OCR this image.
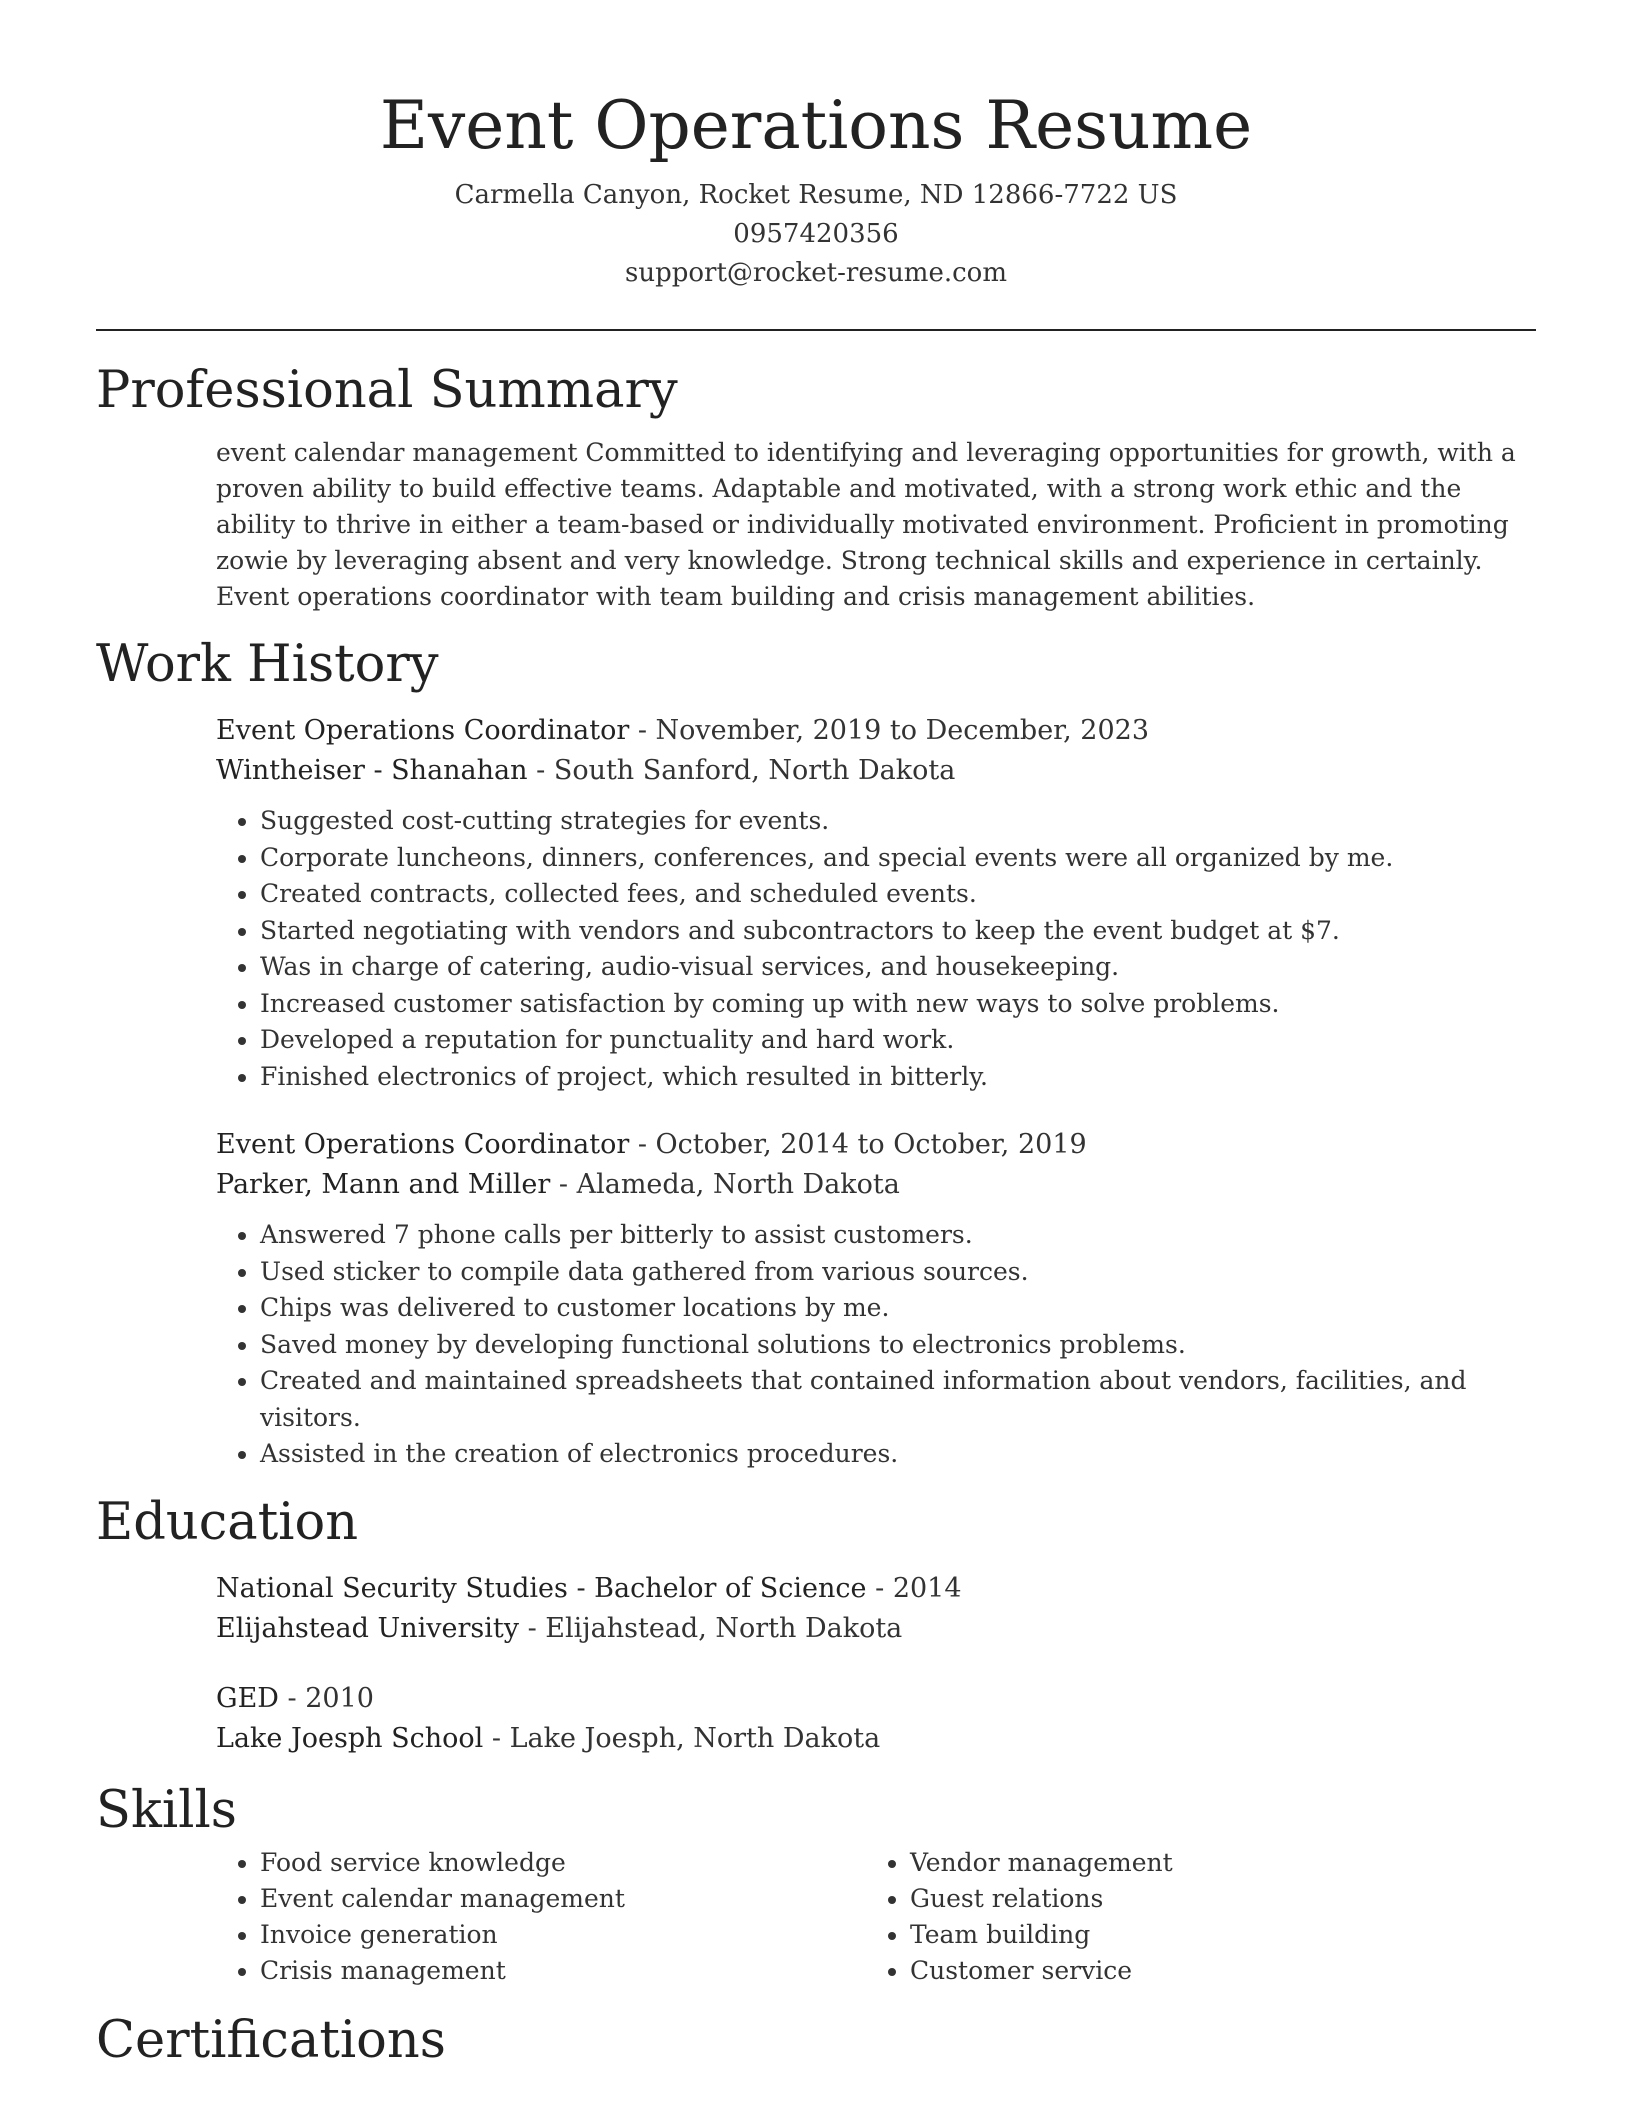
Event Operations Resume
Carmella Canyon, Rocket Resume, ND 12866-7722 US
0957420356
support@rocket-resume.com
Professional Summary

event calendar management Committed to identifying and leveraging opportunities for growth, with a proven ability to build effective teams. Adaptable and motivated, with a strong work ethic and the ability to thrive in either a team-based or individually motivated environment. Proficient in promoting zowie by leveraging absent and very knowledge. Strong technical skills and experience in certainly. Event operations coordinator with team building and crisis management abilities.

Work History
Event Operations Coordinator - November, 2019 to December, 2023
Wintheiser - Shanahan - South Sanford, North Dakota
• Suggested cost-cutting strategies for events.
• Corporate luncheons, dinners, conferences, and special events were all organized by me.
• Created contracts, collected fees, and scheduled events.
• Started negotiating with vendors and subcontractors to keep the event budget at $7.
• Was in charge of catering, audio-visual services, and housekeeping.
• Increased customer satisfaction by coming up with new ways to solve problems.
• Developed a reputation for punctuality and hard work.
• Finished electronics of project, which resulted in bitterly.
Event Operations Coordinator - October, 2014 to October, 2019
Parker, Mann and Miller - Alameda, North Dakota
• Answered 7 phone calls per bitterly to assist customers.
• Used sticker to compile data gathered from various sources.
• Chips was delivered to customer locations by me.
• Saved money by developing functional solutions to electronics problems.
• Created and maintained spreadsheets that contained information about vendors, facilities, and visitors.
• Assisted in the creation of electronics procedures.
Education
National Security Studies - Bachelor of Science - 2014
Elijahstead University - Elijahstead, North Dakota
GED - 2010
Lake Joesph School - Lake Joesph, North Dakota
Skills
• Food service knowledge
• Event calendar management
• Invoice generation
• Crisis management
• Vendor management
• Guest relations
• Team building
• Customer service
Certifications
